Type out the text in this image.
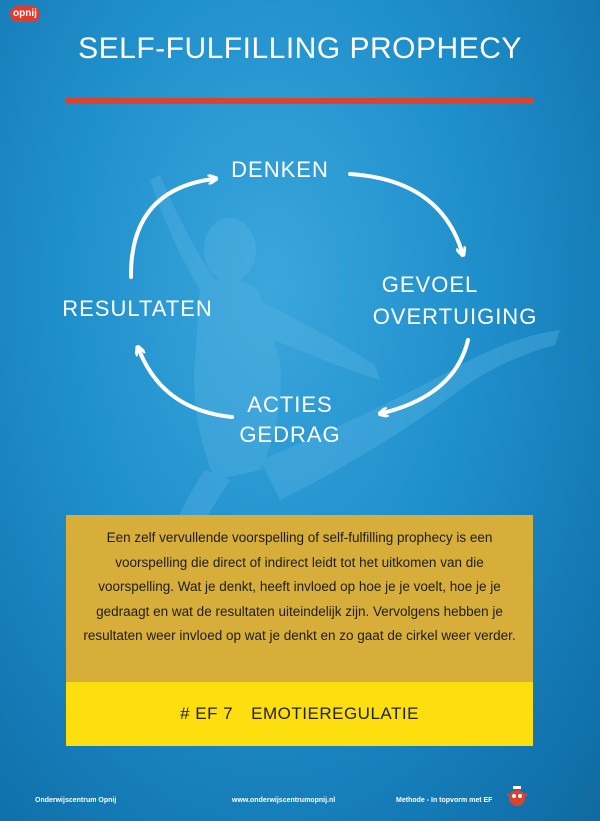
opnij
SELF-FULFILLING PROPHECY
DENKEN
GEVOEL
OVERTUIGING
RESULTATEN
ACTIES
GEDRAG
Een zelf vervullende voorspelling of self-fulfilling prophecy is een voorspelling die direct of indirect leidt tot het uitkomen van die voorspelling. Wat je denkt, heeft invloed op hoe je je voelt, hoe je je gedraagt en wat de resultaten uiteindelijk zijn. Vervolgens hebben je resultaten weer invloed op wat je denkt en zo gaat de cirkel weer verder.
# EF 7 EMOTIEREGULATIE
Onderwijscentrum Opnij	www.onderwijscentrumopnij.nl	Methode - In topvorm met EF
